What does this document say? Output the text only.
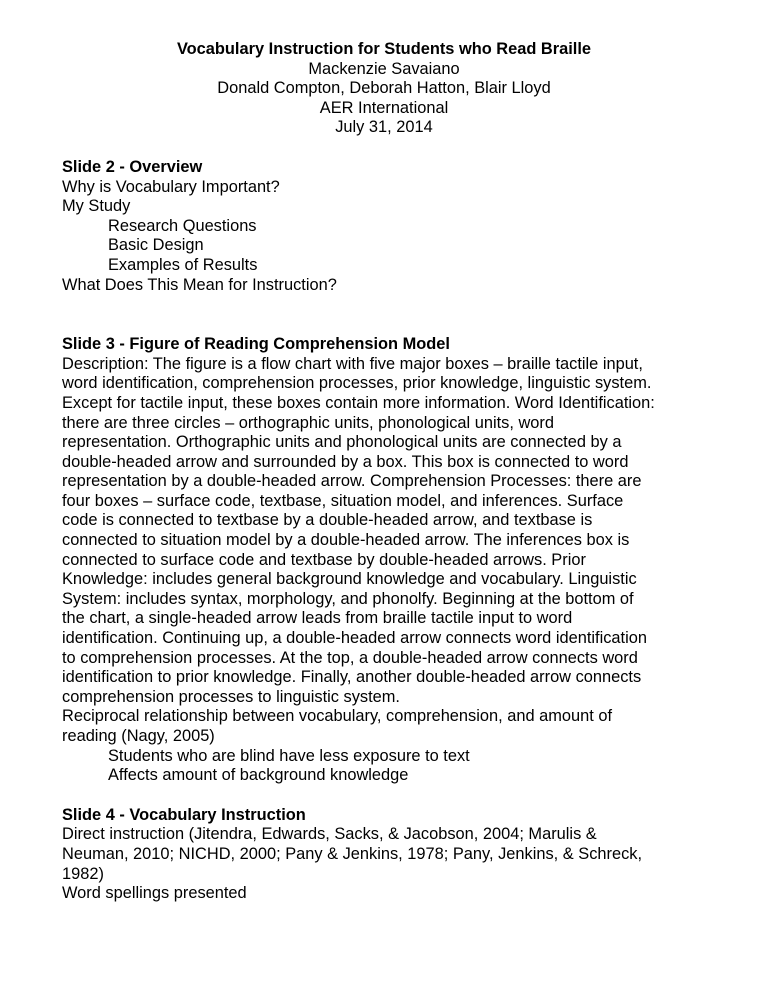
Vocabulary Instruction for Students who Read Braille
Mackenzie Savaiano
Donald Compton, Deborah Hatton, Blair Lloyd
AER International
July 31, 2014
Slide 2 - Overview
Why is Vocabulary Important?
My Study
Research Questions
Basic Design
Examples of Results
What Does This Mean for Instruction?
Slide 3 - Figure of Reading Comprehension Model
Description: The figure is a flow chart with five major boxes – braille tactile input,
word identification, comprehension processes, prior knowledge, linguistic system.
Except for tactile input, these boxes contain more information. Word Identification:
there are three circles – orthographic units, phonological units, word
representation. Orthographic units and phonological units are connected by a
double-headed arrow and surrounded by a box. This box is connected to word
representation by a double-headed arrow. Comprehension Processes: there are
four boxes – surface code, textbase, situation model, and inferences. Surface
code is connected to textbase by a double-headed arrow, and textbase is
connected to situation model by a double-headed arrow. The inferences box is
connected to surface code and textbase by double-headed arrows. Prior
Knowledge: includes general background knowledge and vocabulary. Linguistic
System: includes syntax, morphology, and phonolfy. Beginning at the bottom of
the chart, a single-headed arrow leads from braille tactile input to word
identification. Continuing up, a double-headed arrow connects word identification
to comprehension processes. At the top, a double-headed arrow connects word
identification to prior knowledge. Finally, another double-headed arrow connects
comprehension processes to linguistic system.
Reciprocal relationship between vocabulary, comprehension, and amount of
reading (Nagy, 2005)
Students who are blind have less exposure to text
Affects amount of background knowledge
Slide 4 - Vocabulary Instruction
Direct instruction (Jitendra, Edwards, Sacks, & Jacobson, 2004; Marulis &
Neuman, 2010; NICHD, 2000; Pany & Jenkins, 1978; Pany, Jenkins, & Schreck,
1982)
Word spellings presented
